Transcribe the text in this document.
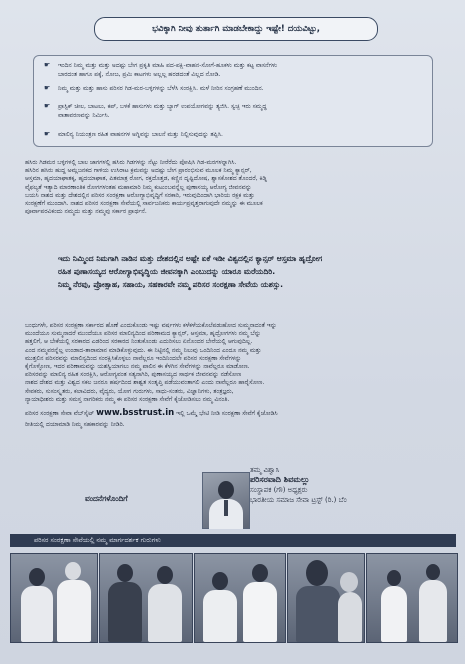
ಭವಿಕ್ಕಾಗಿ ನೀವು ತುರ್ತಾಗಿ ಮಾಡಬೇಕಾದ್ದು ಇಷ್ಟೇ! ದಯವಿಟ್ಟು,
☛	ಇಂದಿನ ನಿಮ್ಮ ಮತ್ತು ಮತ್ತು ಅದಷ್ಟು ಬೇಗ ಪ್ರಕೃತಿ ಮಾಹಿ ಪದ-ಪಕ್ಷಿ-ವಾಹನ-ಸೋಗೆ-ಹೂಕಳು ಮತ್ತು ಕಟ್ಟ ವಾಸನೆಗಳು
ಬಾರದಂತ ಹಾಗೂ ಪಕ್ಕೆ, ನೋಜ, ಪ್ರಮಿ ಕಾಟಗಳು ಅಲ್ಲಲ್ಲ ಹರಡದಂತೆ ವಿಲ್ಲದ ನೋಡಿ.
☛	ನಿಮ್ಮ ಮತ್ತು ಮತ್ತು ಹಾಸು ಪರಿಸರ ಗಿಡ-ಮರ-ಬಳ್ಳಿಗಳನ್ನು ಬೆಳೆಸಿ ಸಂರಕ್ಷಿಸಿ. ಮಳೆ ನೀರಿನ ಸಂಗ್ರಹಣೆ ಮುಂದಿನ.
☛	ಪ್ರಾಸ್ಟಿಕ್ ಚೀಲ, ಬಾಟಲು, ಕಪ್, ಬಳಕೆ ಹಾಸುಗಳು ಮತ್ತು ಬ್ಯಾಗ್ ಉಪಯೋಗವನ್ನು ತ್ಯಜಿಸಿ. ಸ್ವಚ್ಛ ಇರು ಸಮ್ಮದ್ಧ
ವಾತಾವರಣವನ್ನು ನಿರ್ಮಿಸಿ.
☛	ಮಾಲಿನ್ಯ ನಿಯಂತ್ರಣ ರಹಿತ ವಾಹನಗಳ ಅಗ್ನಿವನ್ನು ಬಾಲನೆ ಮತ್ತು ನಿಲ್ಲಿಸುವುದನ್ನು ತಪ್ಪಿಸಿ.
ಹಸಿರು ಗಿಡಮರ ಬಳ್ಳಿಗಳಲ್ಲಿ ಬಾಲ ಜಾಗಗಳಲ್ಲಿ ಹಸಿರು ಗಿಡಗಳನ್ನು ನೆಟ್ಟು ನೀರೆರೆದು ಪೋಷಿಸಿ ಗಿಡ-ಮರಗಳನ್ನಾಗಿಸಿ.
ಹಸಿರಿನ ಹಸಿರು ಹುದ್ದ ಅಮ್ಲಜನಕದ ಗಾಳಿಯ ಉಸಿರಾಟ ಕ್ರಮವನ್ನು ಅದಷ್ಟು ಬೇಗ ಪ್ರಾರಂಭಿಸುವ ಮೂಲಕ ನಿಮ್ಮ ಕ್ಯಾನ್ಸರ್,
ಆಸ್ತಮಾ, ಹೃದಯಾಘಾತಕ್ಕ, ಹೃದಯಾಘಾತ, ಪಿತಮಾತ್ರ ರೋಗ, ರಕ್ತದೊತ್ತಡ, ಕಣ್ಣಿನ ದೃಷ್ಟಿದೋಷ, ಶ್ವಾಸಕೋಶದ ತೊಂದರೆ, ಕಿಡ್ನಿ
ವೈಫಲ್ಯತೆ ಇತ್ಯಾದಿ ಮಾರಣಾಂತಿಕ ರೋಗಗಳಂತಹ ಮಹಾಮಾರಿ ನಿಮ್ಮ ಕುಟುಂಬವನ್ನೆಲ್ಲ ಪುಣಾಸಯ್ಯ ಆರೋಗ್ಯ ಜೀವನವನ್ನು
ಬಯಸಿ ನಾಶದ ಮತ್ತು ದೇಶದಲ್ಲಿನ ಪರಿಸರ ಸಂರಕ್ಷಣಾ ಆರೋಗ್ಯಾಭಿವೃದ್ಧಿಗೆ ಸರಕಾರಿ, ಇರುವುದಿಂದಾಗಿ ಭಾರಿಯ ರಕ್ಷಕ ಮತ್ತು
ಸಂರಕ್ಷಣೆಗೆ ಮುಂದಾಗಿ. ನಾಶದ ಪರಿಸರ ಸಂರಕ್ಷಣಾ ಸೇವೆಯಲ್ಲಿ ಸಾರ್ವಜನಿಕರು ಕಾರ್ಯಪ್ರವೃತ್ತರಾಗುವುದೇ ನಮ್ಮನ್ನು ಈ ಮೂಲಕ
ಪೂರ್ವಾಪರವಿಕಂದು ನಮ್ಮದು ಮತ್ತು ನಮ್ಮವು ಸರ್ಕಾರ ಪ್ರಾರ್ಥನೆ.
ಇದು ನಿಮ್ಮಿಂದ ನಿಮಗಾಗಿ ನಾಡಿನ ಮತ್ತು ದೇಶದಲ್ಲಿನ ಅಷ್ಟೇ ಏಕೆ ಇಡೀ ವಿಶ್ವದಲ್ಲಿನ ಕ್ಯಾನ್ಸರ್ ಆಸ್ತಮಾ ಹೃದ್ರೋಗ
ರಹಿತ ಪುಣಾಸಯ್ಯದ ಆರೋಗ್ಯಾಭಿವೃದ್ಧಿಯ ಜೀವನಕ್ಕಾಗಿ ಎಂಬುದನ್ನು ಯಾರೂ ಮರೆಯದಿರಿ.
ನಿಮ್ಮ ನೆರವು, ಪ್ರೋತ್ಸಾಹ, ಸಹಾಯ, ಸಹಕಾರವೇ ನಮ್ಮ ಪರಿಸರ ಸಂರಕ್ಷಣಾ ಸೇವೆಯ ಯಶಸ್ಸು.
ಬಂಧುಗಳೇ, ಪರಿಸರ ಸಂರಕ್ಷಣಾ ಸರ್ಕಾರದ ಹೊಣೆ ಎಂದುಕೊಂಡು ಇಷ್ಟು ವರ್ಷಗಳು ಕಳೆಕಳೆಯಕೊಲೆಪಡುಹೋದ ಸುಮ್ಮನಾದಂತೆ ಇನ್ನು
ಮುಂದೆಯೂ ಸುಮ್ಮನಾದರೆ ಮುಂದೆಯೂ ಪರಿಸರ ಮಾಲಿನ್ಯದಿಂದ ಪರಿಣಾಮದ ಕ್ಯಾನ್ಸರ್, ಆಸ್ತಮಾ, ಹೃದ್ರೋಗಗಳು ನಮ್ಮ ಬೆನ್ನು
ಹತ್ತಲಿಗೆ, ಆ ಬೇಕೆಯಲ್ಲಿ ಸರಕಾರದ ಎಡರಿಂದ ಸರಕಾರದ ನಿಂತುಕೊಂಡು ಎದುರಿಸಲು ಏನೊಂದರ ಬೇರೆಯಲ್ಲಿ ಆಗುವುದಿಲ್ಲ.
ಎಂದ ನಮ್ಮವರನ್ನೆಲ್ಲ ಉಂಡಾದ-ತಾರಾಮಾನ ಮಾಡಿಕೊಳ್ಳುವುದು. ಈ ನಿಟ್ಟಿನಲ್ಲಿ ನಮ್ಮ ನಿಲುವು ಒಂದಿನಿಂದ ಎಂದೂ ನಮ್ಮ ಮತ್ತು
ಮುತ್ತಲಿನ ಪರಿಸರವನ್ನು ಮಾಲಿನ್ಯದಿಂದ ಸಂರಕ್ಷಿಸಿಕೊಳ್ಳಲು ನಾವೆಲ್ಲರೂ ಇಂದಿನಿಂದಲೇ ಪರಿಸರ ಸಂರಕ್ಷಣಾ ಸೇವೆಗಳನ್ನು
ಕೈಗೊಳ್ಳೋಣ, ಇದರ ಪರಿಣಾಮವನ್ನು ಯಶಸ್ವಿಯಾಗಲು ನಮ್ಮ ಪಾಲಿನ ಈ ಕೆಳಗಿನ ಸೇವೆಗಳನ್ನು ನಾವೆಲ್ಲರೂ ಮಾಡೋಣ.
ಪರಿಸರವನ್ನು ಮಾಲಿನ್ಯ ರಹಿತ ಸಂರಕ್ಷಿಸಿ, ಆರೋಗ್ಯವಂತ ಸತ್ಯನಾಗಿರಿ, ಪುಣಾಸಯ್ಯದ ಸಾರ್ಥಕ ಜೀವನವನ್ನು ನಡೆಸೋಣ
ನಾಶದ ದೇಶದ ಮತ್ತು ವಿಶ್ವದ ಸಕಲ ಜನರೂ ಹರ್ಷದಿಂದ ಶಾಶ್ವತ ಸಂತೃಪ್ತಿ ಪಡೆಯುವಂತಾಗಲಿ ಎಂದು ನಾವೆಲ್ಲರೂ ಹಾರೈಸೋಣ.
ಸೇವಕರು, ಸುಸಂಸ್ಕೃತರು, ಕಲಾವಿದರು, ವೈದ್ಯರು, ಯೋಗ ಗುರುಗಳು, ಸಾಧು-ಸಂತರು, ವಿಜ್ಞಾನಿಗಳು, ತಂತ್ರಜ್ಞರು,
ನ್ಯಾಯಾಧೀಶರು ಮತ್ತು ಸಮಸ್ತ ನಾಗರಿಕರು ನಮ್ಮ ಈ ಪರಿಸರ ಸಂರಕ್ಷಣಾ ಸೇವೆಗೆ ಕೈಜೋಡಿಸಲು ನಮ್ಮ ವಿನಂತಿ.
ಪರಿಸರ ಸಂರಕ್ಷಣಾ ಸೇವಾ ವೆಬ್‌ಸೈಟ್ www.bsstrust.in ಇಲ್ಲಿ ಒಮ್ಮೆ ಭೇಟಿ ನೀಡಿ ಸಂರಕ್ಷಣಾ ಸೇವೆಗೆ ಕೈಜೋಡಿಸಿ
ರೀತಿಯಲ್ಲಿ ದಯಾಮಾಡಿ ನಿಮ್ಮ ಸಹಕಾರವನ್ನು ನೀಡಿರಿ.
ವಂದನೆಗಳೊಂದಿಗೆ
ತಮ್ಮ ವಿಶ್ವಾಸಿ
ಪರಿಸರವಾದಿ ಶಿವಮಲ್ಲು
ಸಂಸ್ಥಾಪಕ (ಗೌ) ಅಧ್ಯಕ್ಷರು
ಭಾರತೀಯ ಸಮಾಜ ಸೇವಾ ಟ್ರಸ್ಟ್ (ರಿ.) ಬೆಂ
ಪರಿಸರ ಸಂರಕ್ಷಣಾ ಸೇವೆಯಲ್ಲಿ ನಮ್ಮ ಮಾರ್ಗದರ್ಶಕ ಗುರುಗಳು
